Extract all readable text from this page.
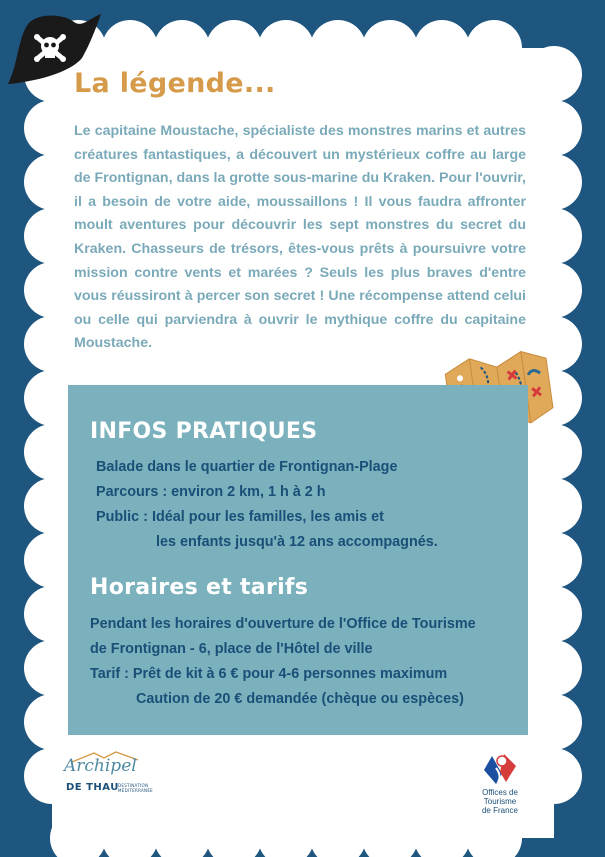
La légende...

Le capitaine Moustache, spécialiste des monstres marins et autres créatures fantastiques, a découvert un mystérieux coffre au large de Frontignan, dans la grotte sous-marine du Kraken. Pour l'ouvrir, il a besoin de votre aide, moussaillons ! Il vous faudra affronter moult aventures pour découvrir les sept monstres du secret du Kraken. Chasseurs de trésors, êtes-vous prêts à poursuivre votre mission contre vents et marées ? Seuls les plus braves d'entre vous réussiront à percer son secret ! Une récompense attend celui ou celle qui parviendra à ouvrir le mythique coffre du capitaine Moustache.

INFOS PRATIQUES
Balade dans le quartier de Frontignan-Plage
Parcours : environ 2 km, 1 h à 2 h
Public : Idéal pour les familles, les amis et
les enfants jusqu'à 12 ans accompagnés.
Horaires et tarifs
Pendant les horaires d'ouverture de l'Office de Tourisme
de Frontignan - 6, place de l'Hôtel de ville
Tarif : Prêt de kit à 6 € pour 4-6 personnes maximum
Caution de 20 € demandée (chèque ou espèces)
Archipel
DE THAU DESTINATION
MÉDITERRANÉE	Offices de
Tourisme
de France
